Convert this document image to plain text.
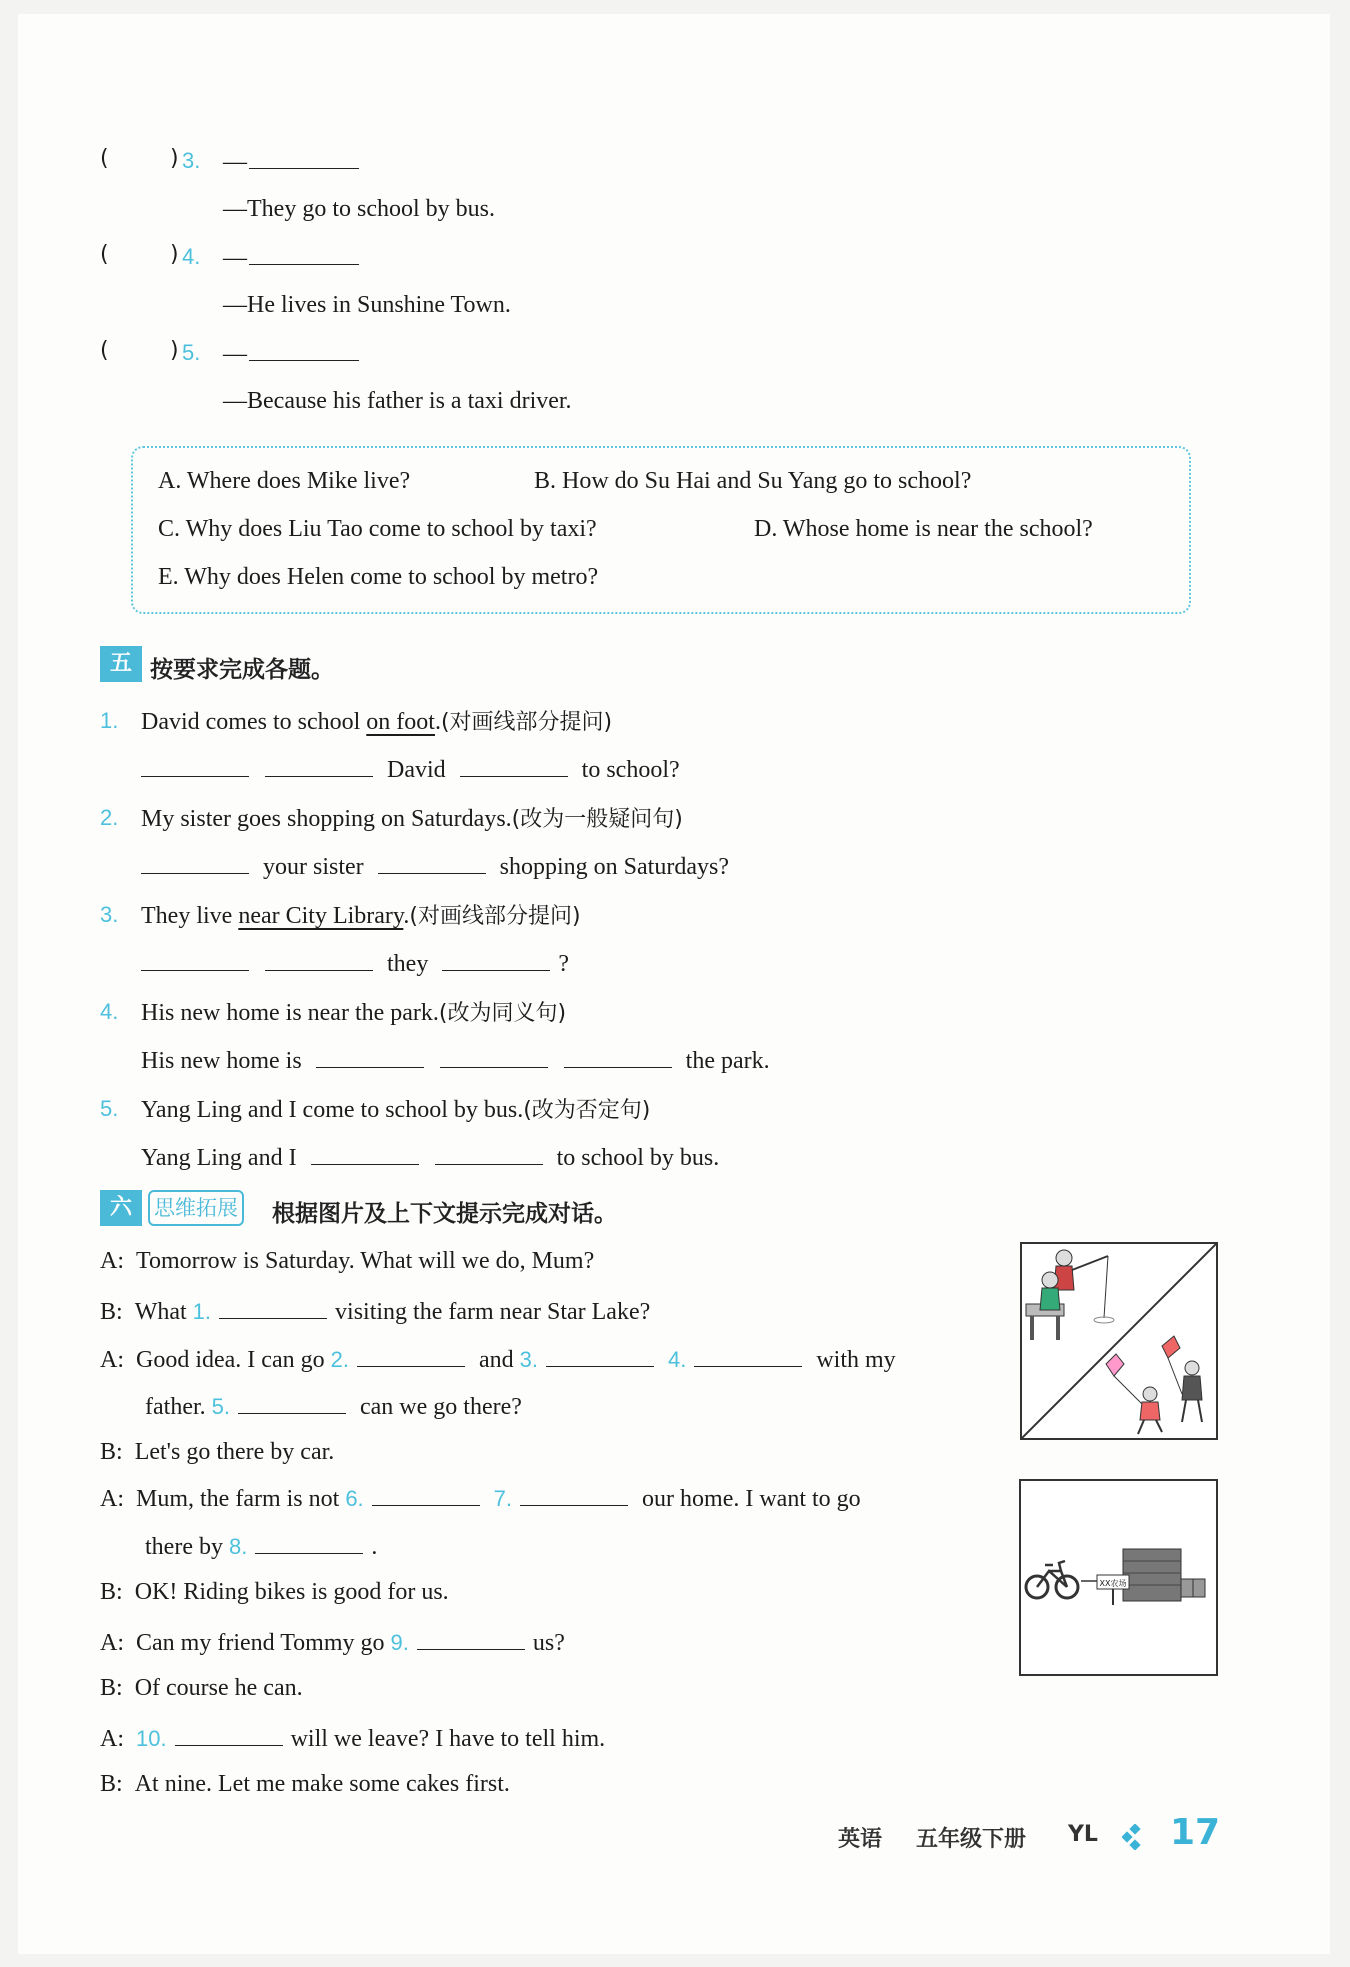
(	) 3. —
—They go to school by bus.
(	) 4. —
—He lives in Sunshine Town.
(	) 5. —
—Because his father is a taxi driver.
A. Where does Mike live?	B. How do Su Hai and Su Yang go to school?
C. Why does Liu Tao come to school by taxi?	D. Whose home is near the school?
E. Why does Helen come to school by metro?
五 按要求完成各题。
1. David comes to school on foot.(对画线部分提问)
David	to school?
2. My sister goes shopping on Saturdays.(改为一般疑问句)
your sister	shopping on Saturdays?
3. They live near City Library.(对画线部分提问)
they	?
4. His new home is near the park.(改为同义句)
His new home is	the park.
5. Yang Ling and I come to school by bus.(改为否定句)
Yang Ling and I	to school by bus.
六	思维拓展 根据图片及上下文提示完成对话。
A: Tomorrow is Saturday. What will we do, Mum?
B: What 1.	visiting the farm near Star Lake?
A: Good idea. I can go 2.	and 3.	4.	with my
father. 5.	can we go there?
B: Let's go there by car.
A: Mum, the farm is not 6.	7.	our home. I want to go
there by 8.	.
B: OK! Riding bikes is good for us.
A: Can my friend Tommy go 9.	us?
B: Of course he can.
A: 10.	will we leave? I have to tell him.
B: At nine. Let me make some cakes first.
XX农场
英语 五年级下册 YL 17
